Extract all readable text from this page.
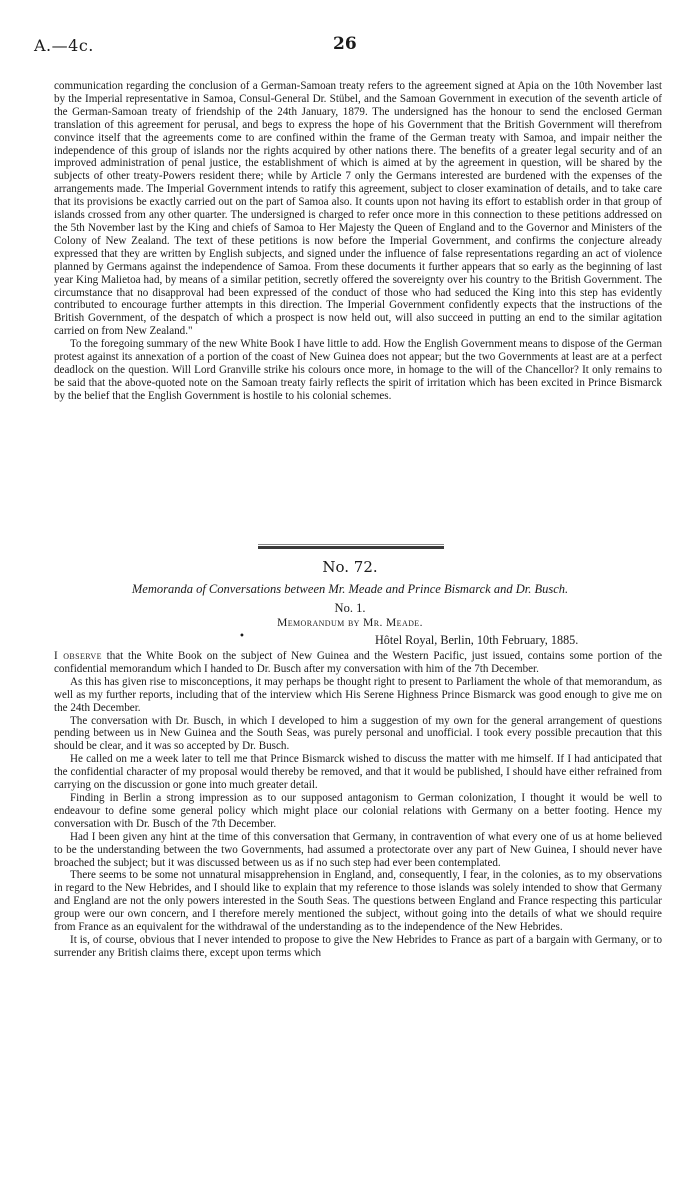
A.—4c.	26

communication regarding the conclusion of a German-Samoan treaty refers to the agreement signed at Apia on the 10th November last by the Imperial representative in Samoa, Consul-General Dr. Stübel, and the Samoan Government in execution of the seventh article of the German-Samoan treaty of friendship of the 24th January, 1879. The undersigned has the honour to send the enclosed German translation of this agreement for perusal, and begs to express the hope of his Government that the British Government will therefrom convince itself that the agreements come to are confined within the frame of the German treaty with Samoa, and impair neither the independence of this group of islands nor the rights acquired by other nations there. The benefits of a greater legal security and of an improved administration of penal justice, the establishment of which is aimed at by the agreement in question, will be shared by the subjects of other treaty-Powers resident there; while by Article 7 only the Germans interested are burdened with the expenses of the arrangements made. The Imperial Government intends to ratify this agreement, subject to closer examination of details, and to take care that its provisions be exactly carried out on the part of Samoa also. It counts upon not having its effort to establish order in that group of islands crossed from any other quarter. The undersigned is charged to refer once more in this connection to these petitions addressed on the 5th November last by the King and chiefs of Samoa to Her Majesty the Queen of England and to the Governor and Ministers of the Colony of New Zealand. The text of these petitions is now before the Imperial Government, and confirms the conjecture already expressed that they are written by English subjects, and signed under the influence of false representations regarding an act of violence planned by Germans against the independence of Samoa. From these documents it further appears that so early as the beginning of last year King Malietoa had, by means of a similar petition, secretly offered the sovereignty over his country to the British Government. The circumstance that no disapproval had been expressed of the conduct of those who had seduced the King into this step has evidently contributed to encourage further attempts in this direction. The Imperial Government confidently expects that the instructions of the British Government, of the despatch of which a prospect is now held out, will also succeed in putting an end to the similar agitation carried on from New Zealand."

To the foregoing summary of the new White Book I have little to add. How the English Government means to dispose of the German protest against its annexation of a portion of the coast of New Guinea does not appear; but the two Governments at least are at a perfect deadlock on the question. Will Lord Granville strike his colours once more, in homage to the will of the Chancellor? It only remains to be said that the above-quoted note on the Samoan treaty fairly reflects the spirit of irritation which has been excited in Prince Bismarck by the belief that the English Government is hostile to his colonial schemes.

No. 72.
Memoranda of Conversations between Mr. Meade and Prince Bismarck and Dr. Busch.
No. 1.
Memorandum by Mr. Meade.
•	Hôtel Royal, Berlin, 10th February, 1885.

I observe that the White Book on the subject of New Guinea and the Western Pacific, just issued, contains some portion of the confidential memorandum which I handed to Dr. Busch after my conversation with him of the 7th December.

As this has given rise to misconceptions, it may perhaps be thought right to present to Parliament the whole of that memorandum, as well as my further reports, including that of the interview which His Serene Highness Prince Bismarck was good enough to give me on the 24th December.

The conversation with Dr. Busch, in which I developed to him a suggestion of my own for the general arrangement of questions pending between us in New Guinea and the South Seas, was purely personal and unofficial. I took every possible precaution that this should be clear, and it was so accepted by Dr. Busch.

He called on me a week later to tell me that Prince Bismarck wished to discuss the matter with me himself. If I had anticipated that the confidential character of my proposal would thereby be removed, and that it would be published, I should have either refrained from carrying on the discussion or gone into much greater detail.

Finding in Berlin a strong impression as to our supposed antagonism to German colonization, I thought it would be well to endeavour to define some general policy which might place our colonial relations with Germany on a better footing. Hence my conversation with Dr. Busch of the 7th December.

Had I been given any hint at the time of this conversation that Germany, in contravention of what every one of us at home believed to be the understanding between the two Governments, had assumed a protectorate over any part of New Guinea, I should never have broached the subject; but it was discussed between us as if no such step had ever been contemplated.

There seems to be some not unnatural misapprehension in England, and, consequently, I fear, in the colonies, as to my observations in regard to the New Hebrides, and I should like to explain that my reference to those islands was solely intended to show that Germany and England are not the only powers interested in the South Seas. The questions between England and France respecting this particular group were our own concern, and I therefore merely mentioned the subject, without going into the details of what we should require from France as an equivalent for the withdrawal of the understanding as to the independence of the New Hebrides.

It is, of course, obvious that I never intended to propose to give the New Hebrides to France as part of a bargain with Germany, or to surrender any British claims there, except upon terms which
